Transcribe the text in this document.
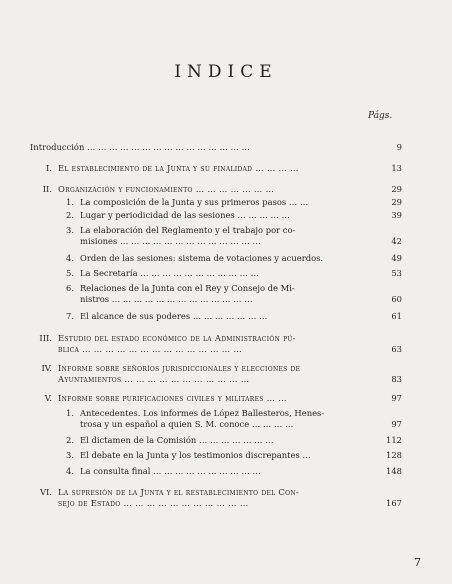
INDICE
Págs.
Introducción … … … … … … … … … … … … … … …	9
I. El establecimiento de la Junta y su finalidad … … … …	13
II. Organización y funcionamiento … … … … … … …	29
1. La composición de la Junta y sus primeros pasos … …	29
2. Lugar y periodicidad de las sesiones … … … … …	39
3. La elaboración del Reglamento y el trabajo por co-
misiones … … … … … … … … … … … … …	42
4. Orden de las sesiones: sistema de votaciones y acuerdos.	49
5. La Secretaría … … … … … … … … … … …	53
6. Relaciones de la Junta con el Rey y Consejo de Mi-
nistros … … … … … … … … … … … … …	60
7. El alcance de sus poderes … … … … … … …	61
III. Estudio del estado económico de la Administración pú-
blica … … … … … … … … … … … … … …	63
IV. Informe sobre señoríos jurisdiccionales y elecciones de
Ayuntamientos … … … … … … … … … … …	83
V. Informe sobre purificaciones civiles y militares … …	97
1. Antecedentes. Los informes de López Ballesteros, Henes-
trosa y un español a quien S. M. conoce … … … …	97
2. El dictamen de la Comisión … … … … … … …	112
3. El debate en la Junta y los testimonios discrepantes …	128
4. La consulta final … … … … … … … … … …	148
VI. La supresión de la Junta y el restablecimiento del Con-
sejo de Estado … … … … … … … … … … …	167
7
